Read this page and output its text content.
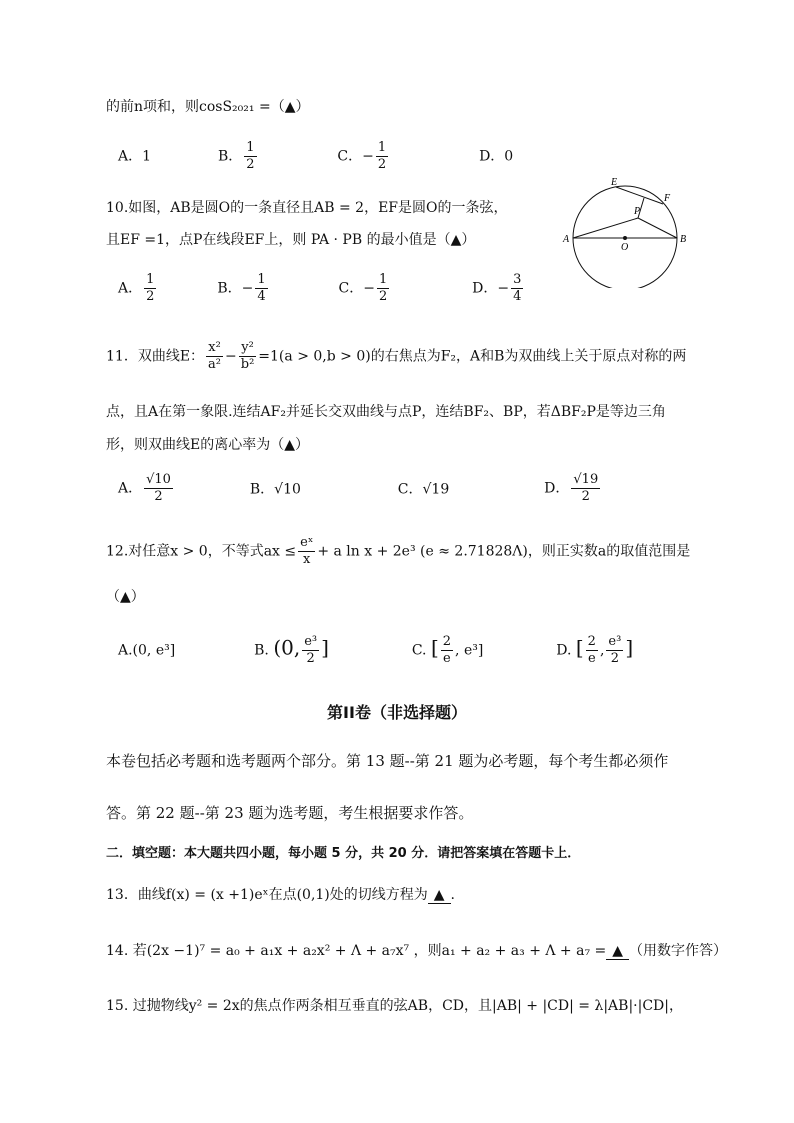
的前n项和，则cosS₂₀₂₁ =（▲）
A．1	B． $\frac{1}{2}$	C．− $\frac{1}{2}$	D．0
10.如图，AB是圆O的一条直径且AB = 2，EF是圆O的一条弦，
且EF =1，点P在线段EF上，则 PA · PB 的最小值是（▲）
A． $\frac{1}{2}$	B．− $\frac{1}{4}$	C．− $\frac{1}{2}$	D．− $\frac{3}{4}$
E
F
P
A
O
B
11．双曲线E： $\frac{\text{x²}}{\text{a²}} - \frac{\text{y²}}{\text{b²}} =1(a > 0,b > 0)$的右焦点为F₂，A和B为双曲线上关于原点对称的两
点，且A在第一象限.连结AF₂并延长交双曲线与点P，连结BF₂、BP，若ΔBF₂P是等边三角
形，则双曲线E的离心率为（▲）
A． $\frac{√10}{2}$	B．√10	C．√19	D． $\frac{√19}{2}$
12.对任意x > 0，不等式ax ≤ $\frac{\text{eˣ}}{x} + a$ ln x + 2e³ (e ≈ 2.71828Λ)，则正实数a的取值范围是
（▲）
A.(0, e³]	B. (0, $\frac{\text{e³}}{2}$ ]	C. [ $\frac{2}{e}$ , e³]	D. [ $\frac{2}{e}$ , $\frac{\text{e³}}{2}$ ]
第II卷（非选择题）
本卷包括必考题和选考题两个部分。第 13 题--第 21 题为必考题，每个考生都必须作
答。第 22 题--第 23 题为选考题，考生根据要求作答。
二．填空题：本大题共四小题，每小题 5 分，共 20 分．请把答案填在答题卡上．
13．曲线f(x) = (x +1)eˣ在点(0,1)处的切线方程为 ▲ .
14. 若(2x −1)⁷ = a₀ + a₁x + a₂x² + Λ + a₇x⁷ ，则a₁ + a₂ + a₃ + Λ + a₇ = ▲ （用数字作答）
15. 过抛物线y² = 2x的焦点作两条相互垂直的弦AB，CD，且|AB| + |CD| = λ|AB|·|CD|，
